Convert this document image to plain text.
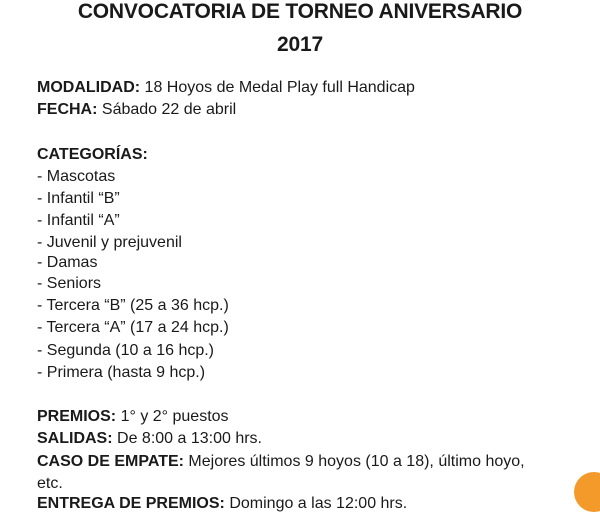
CONVOCATORIA DE TORNEO ANIVERSARIO
2017
MODALIDAD: 18 Hoyos de Medal Play full Handicap
FECHA: Sábado 22 de abril
CATEGORÍAS:
- Mascotas
- Infantil “B”
- Infantil “A”
- Juvenil y prejuvenil
- Damas
- Seniors
- Tercera “B” (25 a 36 hcp.)
- Tercera “A” (17 a 24 hcp.)
- Segunda (10 a 16 hcp.)
- Primera (hasta 9 hcp.)
PREMIOS: 1° y 2° puestos
SALIDAS: De 8:00 a 13:00 hrs.
CASO DE EMPATE: Mejores últimos 9 hoyos (10 a 18), último hoyo,
etc.
ENTREGA DE PREMIOS: Domingo a las 12:00 hrs.
